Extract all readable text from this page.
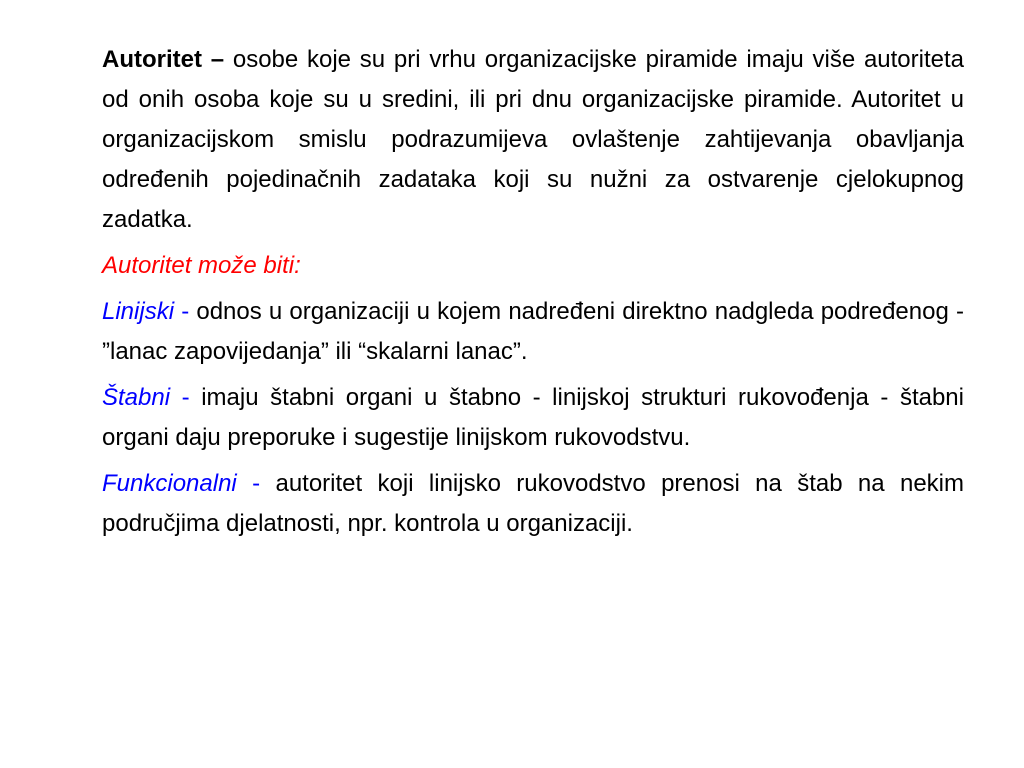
Autoritet – osobe koje su pri vrhu organizacijske piramide imaju više autoriteta od onih osoba koje su u sredini, ili pri dnu organizacijske piramide. Autoritet u organizacijskom smislu podrazumijeva ovlaštenje zahtijevanja obavljanja određenih pojedinačnih zadataka koji su nužni za ostvarenje cjelokupnog zadatka.

Autoritet može biti:

Linijski - odnos u organizaciji u kojem nadređeni direktno nadgleda podređenog - ”lanac zapovijedanja” ili “skalarni lanac”.

Štabni - imaju štabni organi u štabno - linijskoj strukturi rukovođenja - štabni organi daju preporuke i sugestije linijskom rukovodstvu.

Funkcionalni - autoritet koji linijsko rukovodstvo prenosi na štab na nekim područjima djelatnosti, npr. kontrola u organizaciji.
